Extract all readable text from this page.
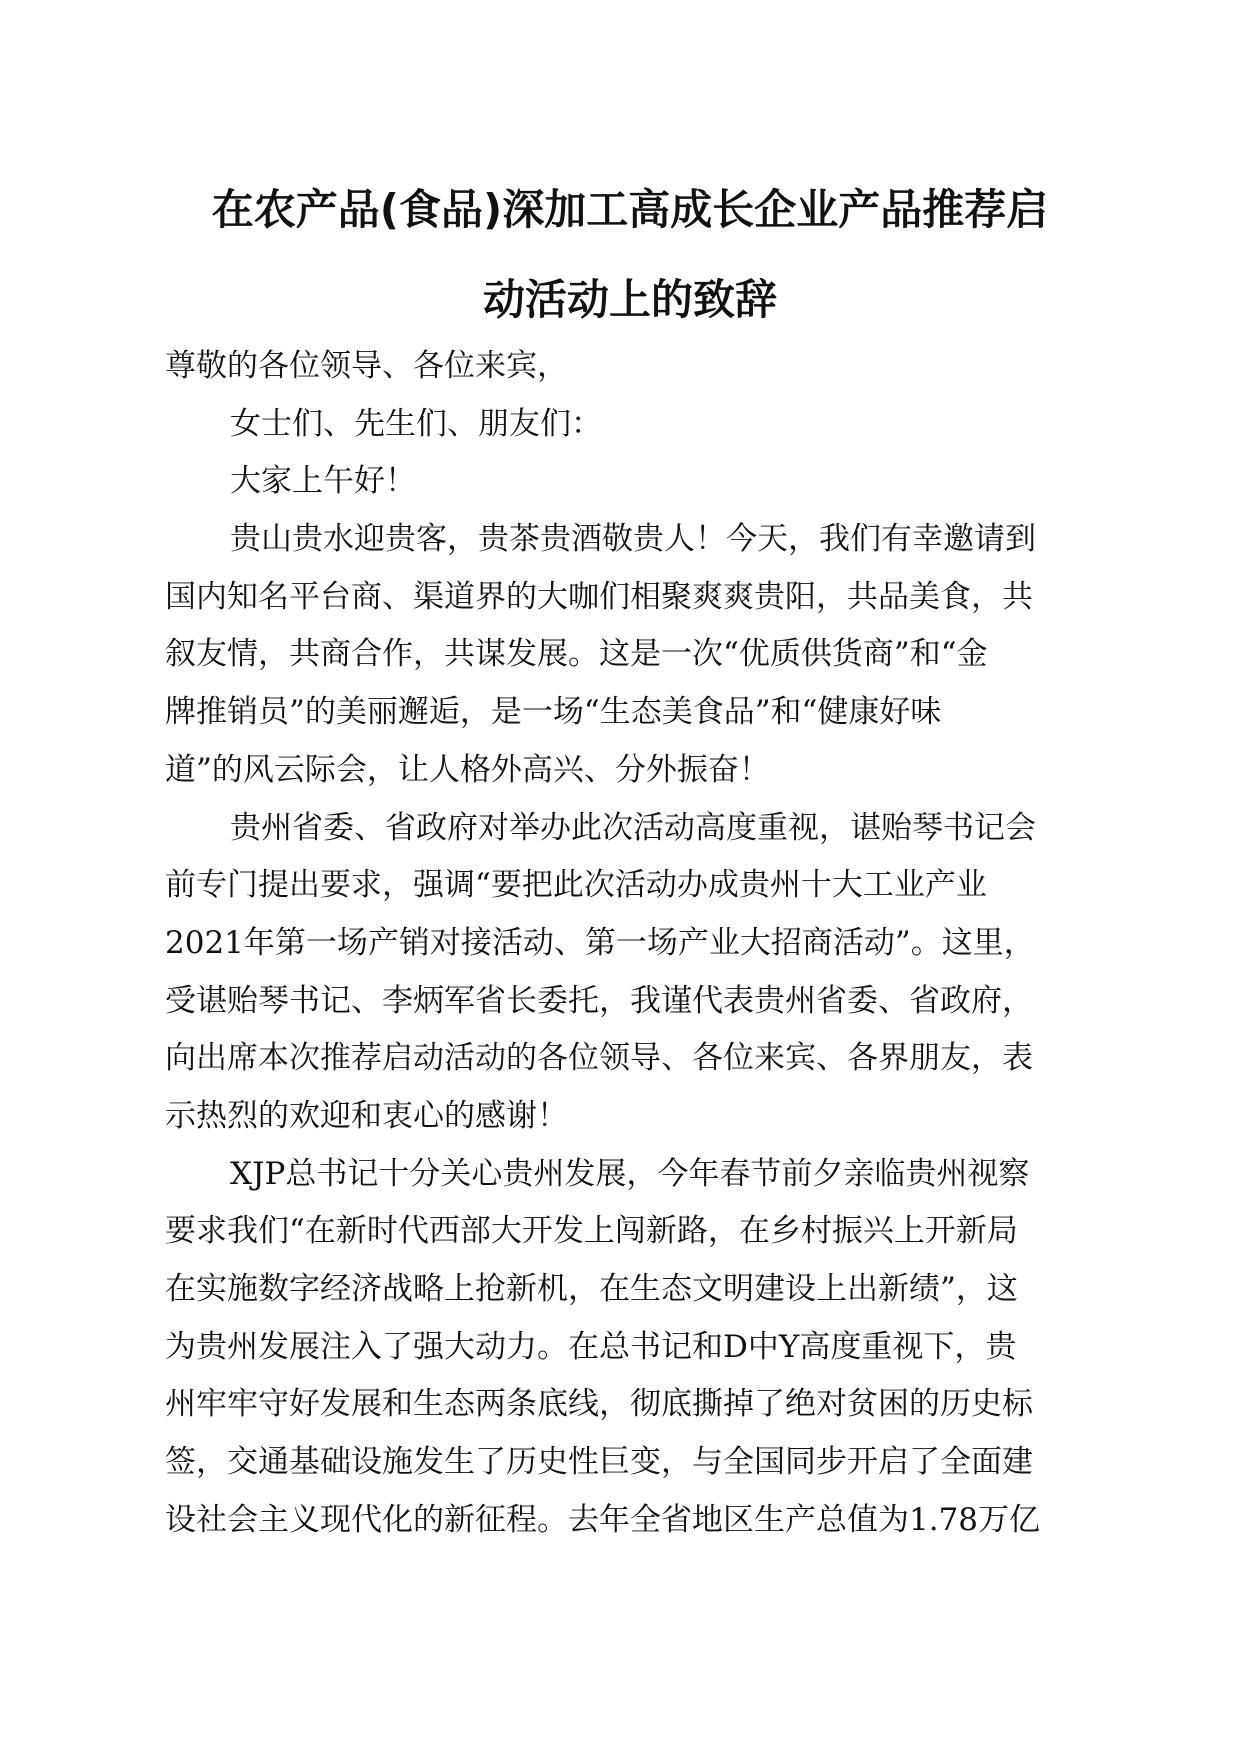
在农产品(食品)深加工高成长企业产品推荐启
动活动上的致辞
尊敬的各位领导、各位来宾，
女士们、先生们、朋友们：
大家上午好！
贵山贵水迎贵客，贵茶贵酒敬贵人！今天，我们有幸邀请到
国内知名平台商、渠道界的大咖们相聚爽爽贵阳，共品美食，共
叙友情，共商合作，共谋发展。这是一次“优质供货商”和“金
牌推销员”的美丽邂逅，是一场“生态美食品”和“健康好味
道”的风云际会，让人格外高兴、分外振奋！
贵州省委、省政府对举办此次活动高度重视，谌贻琴书记会
前专门提出要求，强调“要把此次活动办成贵州十大工业产业
2021年第一场产销对接活动、第一场产业大招商活动”。这里，
受谌贻琴书记、李炳军省长委托，我谨代表贵州省委、省政府，
向出席本次推荐启动活动的各位领导、各位来宾、各界朋友，表
示热烈的欢迎和衷心的感谢！
XJP总书记十分关心贵州发展，今年春节前夕亲临贵州视察
要求我们“在新时代西部大开发上闯新路，在乡村振兴上开新局
在实施数字经济战略上抢新机，在生态文明建设上出新绩”，这
为贵州发展注入了强大动力。在总书记和D中Y高度重视下，贵
州牢牢守好发展和生态两条底线，彻底撕掉了绝对贫困的历史标
签，交通基础设施发生了历史性巨变，与全国同步开启了全面建
设社会主义现代化的新征程。去年全省地区生产总值为1.78万亿
